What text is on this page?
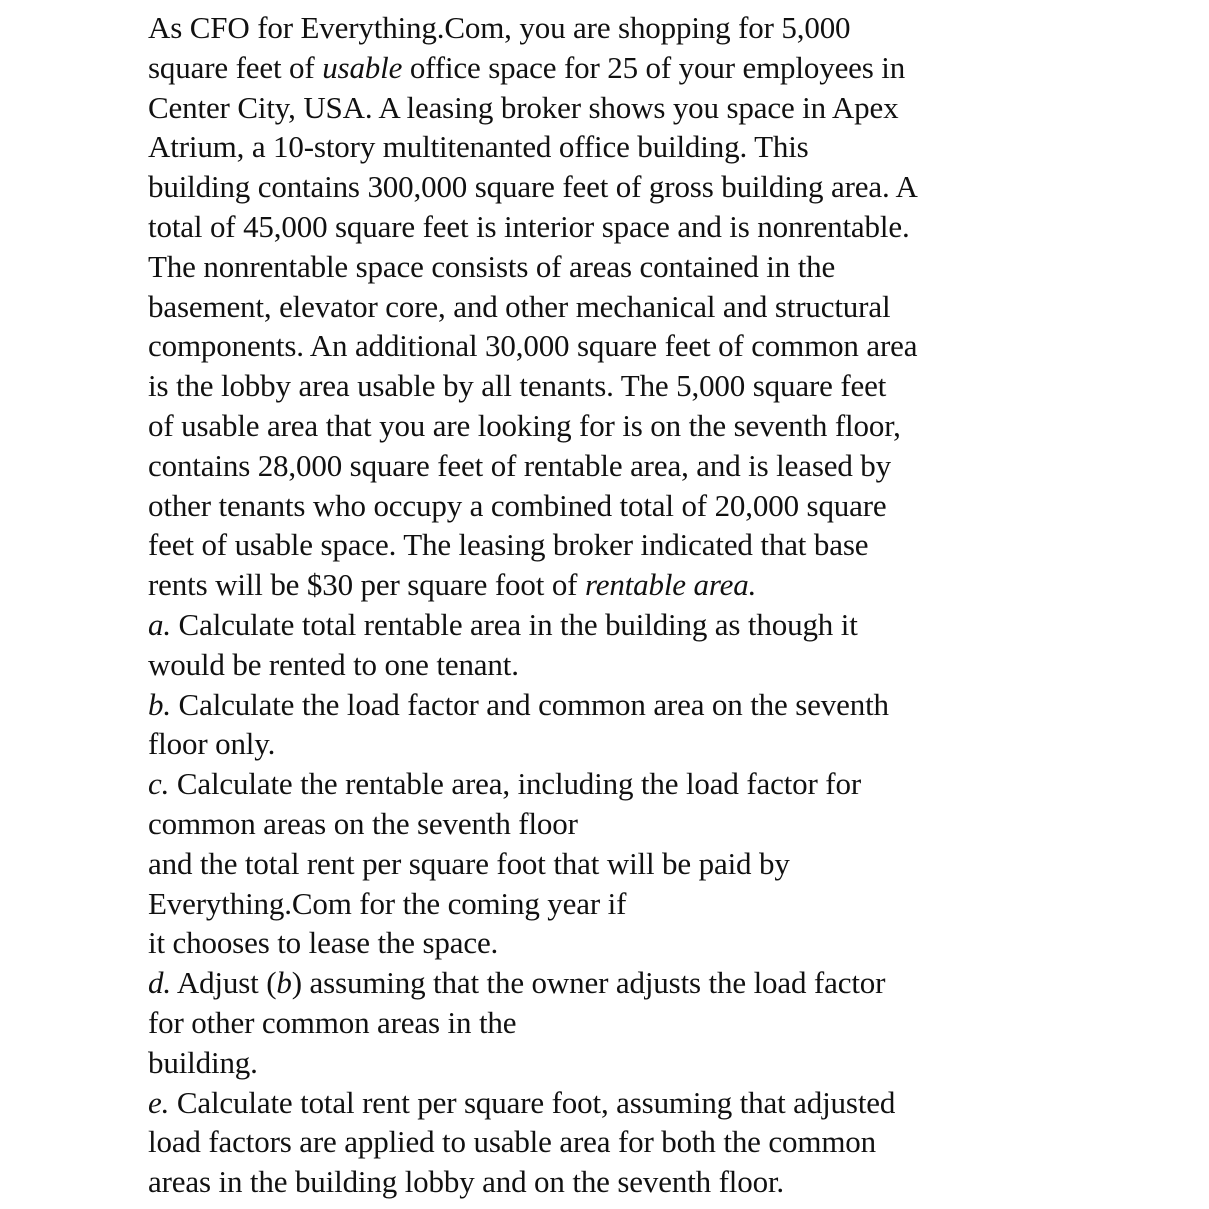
As CFO for Everything.Com, you are shopping for 5,000
square feet of usable office space for 25 of your employees in
Center City, USA. A leasing broker shows you space in Apex
Atrium, a 10-story multitenanted office building. This
building contains 300,000 square feet of gross building area. A
total of 45,000 square feet is interior space and is nonrentable.
The nonrentable space consists of areas contained in the
basement, elevator core, and other mechanical and structural
components. An additional 30,000 square feet of common area
is the lobby area usable by all tenants. The 5,000 square feet
of usable area that you are looking for is on the seventh floor,
contains 28,000 square feet of rentable area, and is leased by
other tenants who occupy a combined total of 20,000 square
feet of usable space. The leasing broker indicated that base
rents will be $30 per square foot of rentable area.
a. Calculate total rentable area in the building as though it
would be rented to one tenant.
b. Calculate the load factor and common area on the seventh
floor only.
c. Calculate the rentable area, including the load factor for
common areas on the seventh floor
and the total rent per square foot that will be paid by
Everything.Com for the coming year if
it chooses to lease the space.
d. Adjust (b) assuming that the owner adjusts the load factor
for other common areas in the
building.
e. Calculate total rent per square foot, assuming that adjusted
load factors are applied to usable area for both the common
areas in the building lobby and on the seventh floor.
